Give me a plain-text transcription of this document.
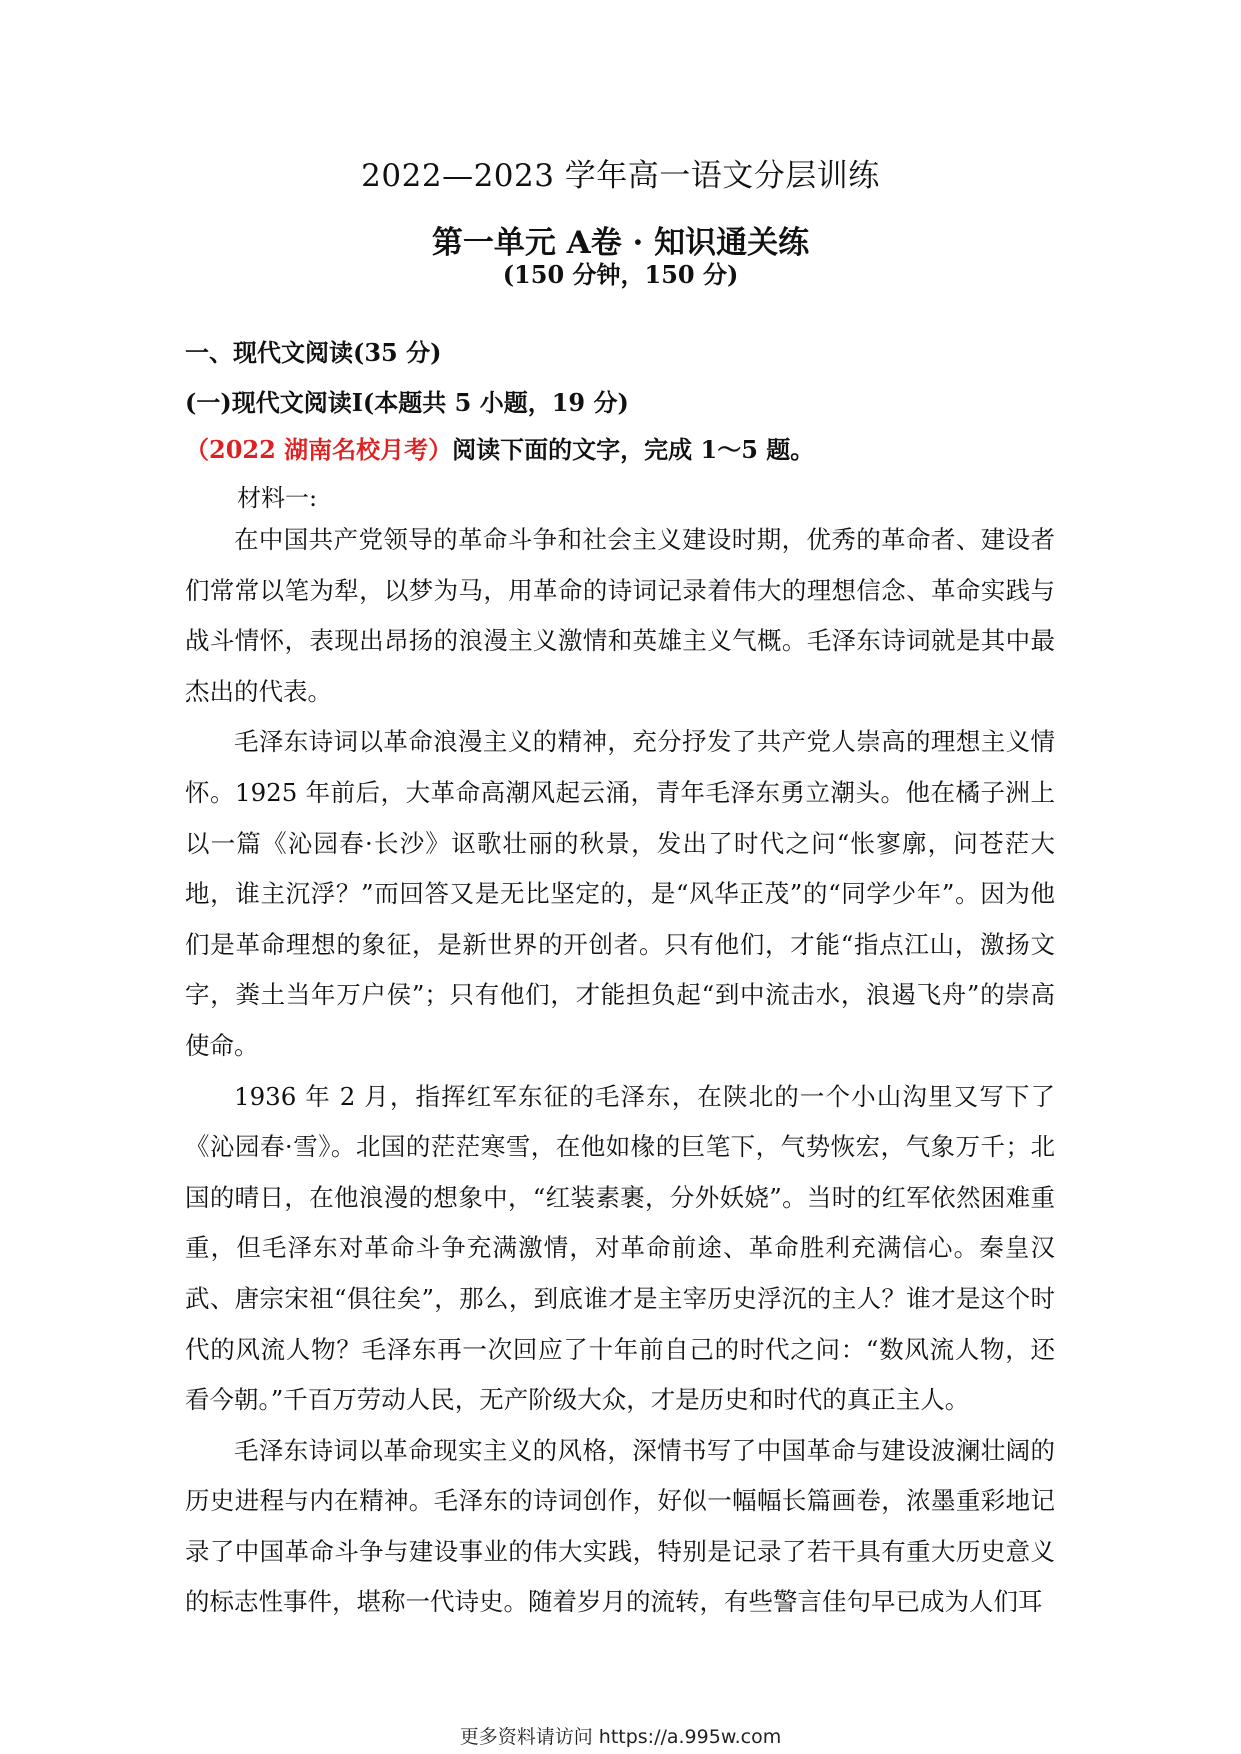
2022—2023 学年高一语文分层训练
第一单元 A卷 · 知识通关练
(150 分钟，150 分)
一、现代文阅读(35 分)
(一)现代文阅读Ⅰ(本题共 5 小题，19 分)
（2022 湖南名校月考）阅读下面的文字，完成 1～5 题。
材料一:

在中国共产党领导的革命斗争和社会主义建设时期，优秀的革命者、建设者们常常以笔为犁，以梦为马，用革命的诗词记录着伟大的理想信念、革命实践与战斗情怀，表现出昂扬的浪漫主义激情和英雄主义气概。毛泽东诗词就是其中最杰出的代表。

毛泽东诗词以革命浪漫主义的精神，充分抒发了共产党人崇高的理想主义情怀。1925 年前后，大革命高潮风起云涌，青年毛泽东勇立潮头。他在橘子洲上以一篇《沁园春·长沙》讴歌壮丽的秋景，发出了时代之问“怅寥廓，问苍茫大地，谁主沉浮？”而回答又是无比坚定的，是“风华正茂”的“同学少年”。因为他们是革命理想的象征，是新世界的开创者。只有他们，才能“指点江山，激扬文字，粪土当年万户侯”；只有他们，才能担负起“到中流击水，浪遏飞舟”的崇高使命。

1936 年 2 月，指挥红军东征的毛泽东，在陕北的一个小山沟里又写下了《沁园春·雪》。北国的茫茫寒雪，在他如椽的巨笔下，气势恢宏，气象万千；北国的晴日，在他浪漫的想象中，“红装素裹，分外妖娆”。当时的红军依然困难重重，但毛泽东对革命斗争充满激情，对革命前途、革命胜利充满信心。秦皇汉武、唐宗宋祖“俱往矣”，那么，到底谁才是主宰历史浮沉的主人？谁才是这个时代的风流人物？毛泽东再一次回应了十年前自己的时代之问：“数风流人物，还看今朝。”千百万劳动人民，无产阶级大众，才是历史和时代的真正主人。

毛泽东诗词以革命现实主义的风格，深情书写了中国革命与建设波澜壮阔的历史进程与内在精神。毛泽东的诗词创作，好似一幅幅长篇画卷，浓墨重彩地记录了中国革命斗争与建设事业的伟大实践，特别是记录了若干具有重大历史意义的标志性事件，堪称一代诗史。随着岁月的流转，有些警言佳句早已成为人们耳

更多资料请访问 https://a.995w.com
